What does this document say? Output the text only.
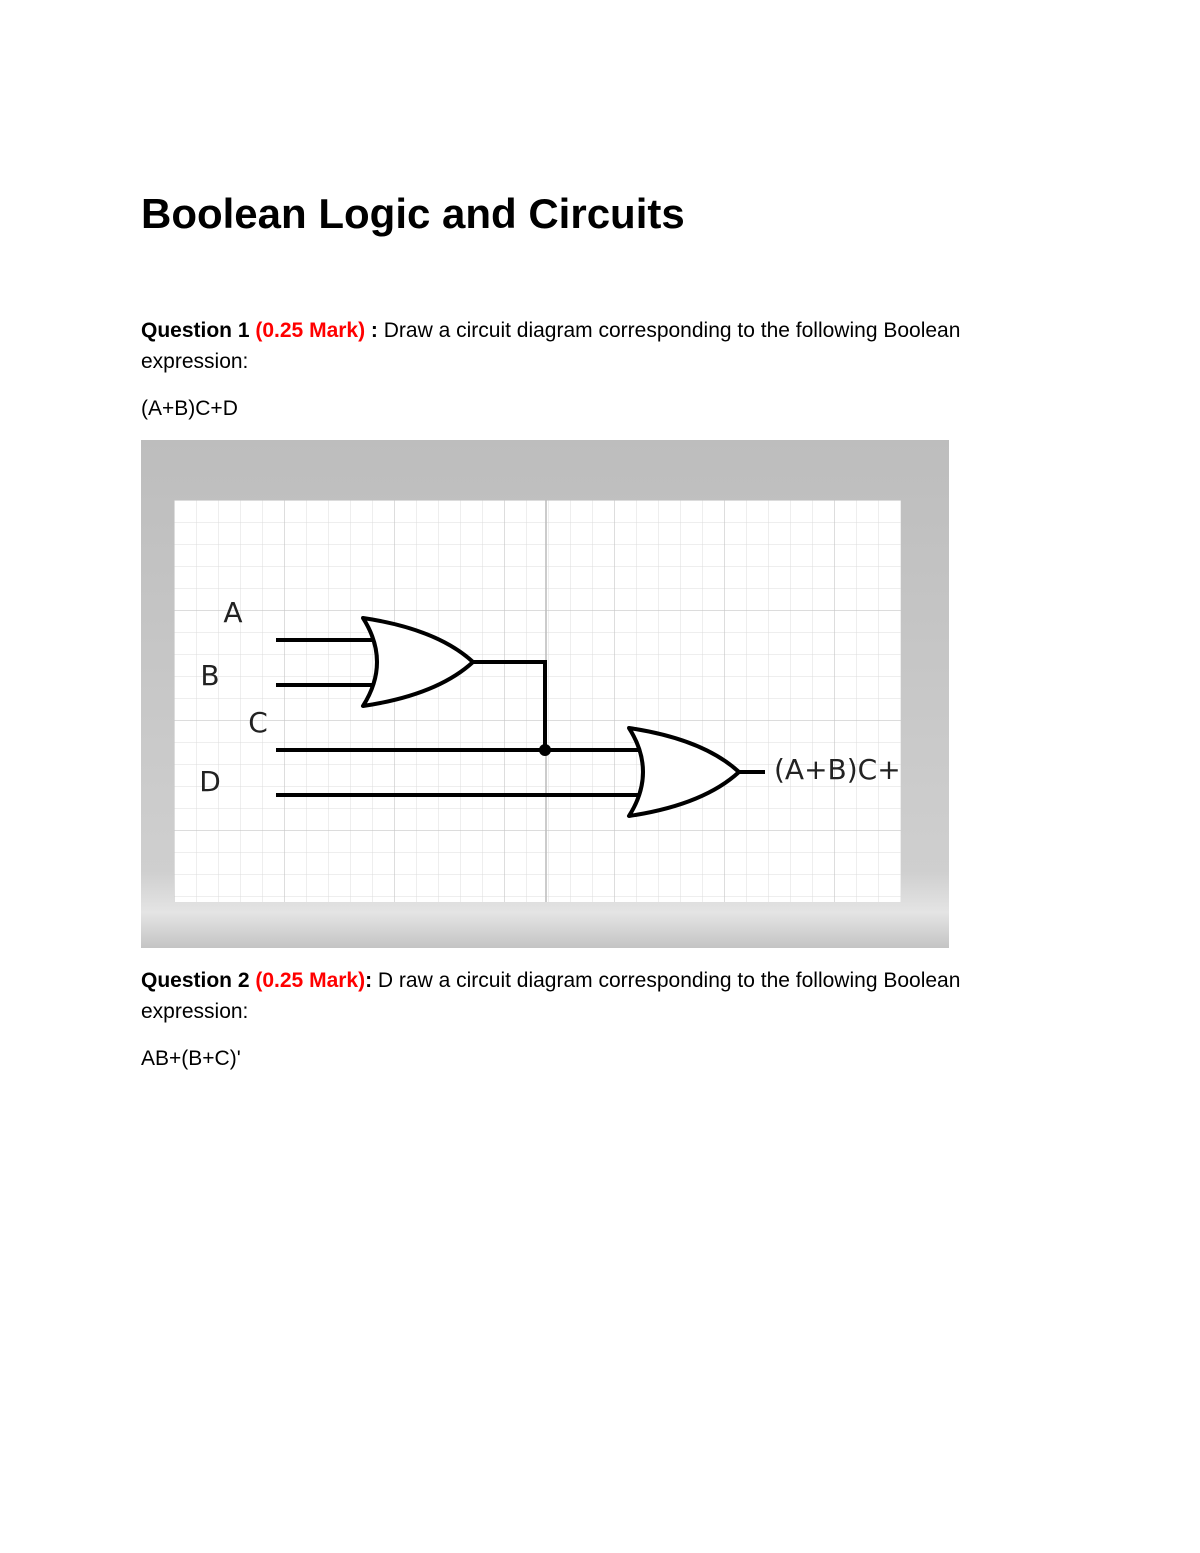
Boolean Logic and Circuits

Question 1 (0.25 Mark) : Draw a circuit diagram corresponding to the following Boolean expression:

(A+B)C+D

A
B
C
D	(A+B)C+

Question 2 (0.25 Mark): D raw a circuit diagram corresponding to the following Boolean expression:

AB+(B+C)'
